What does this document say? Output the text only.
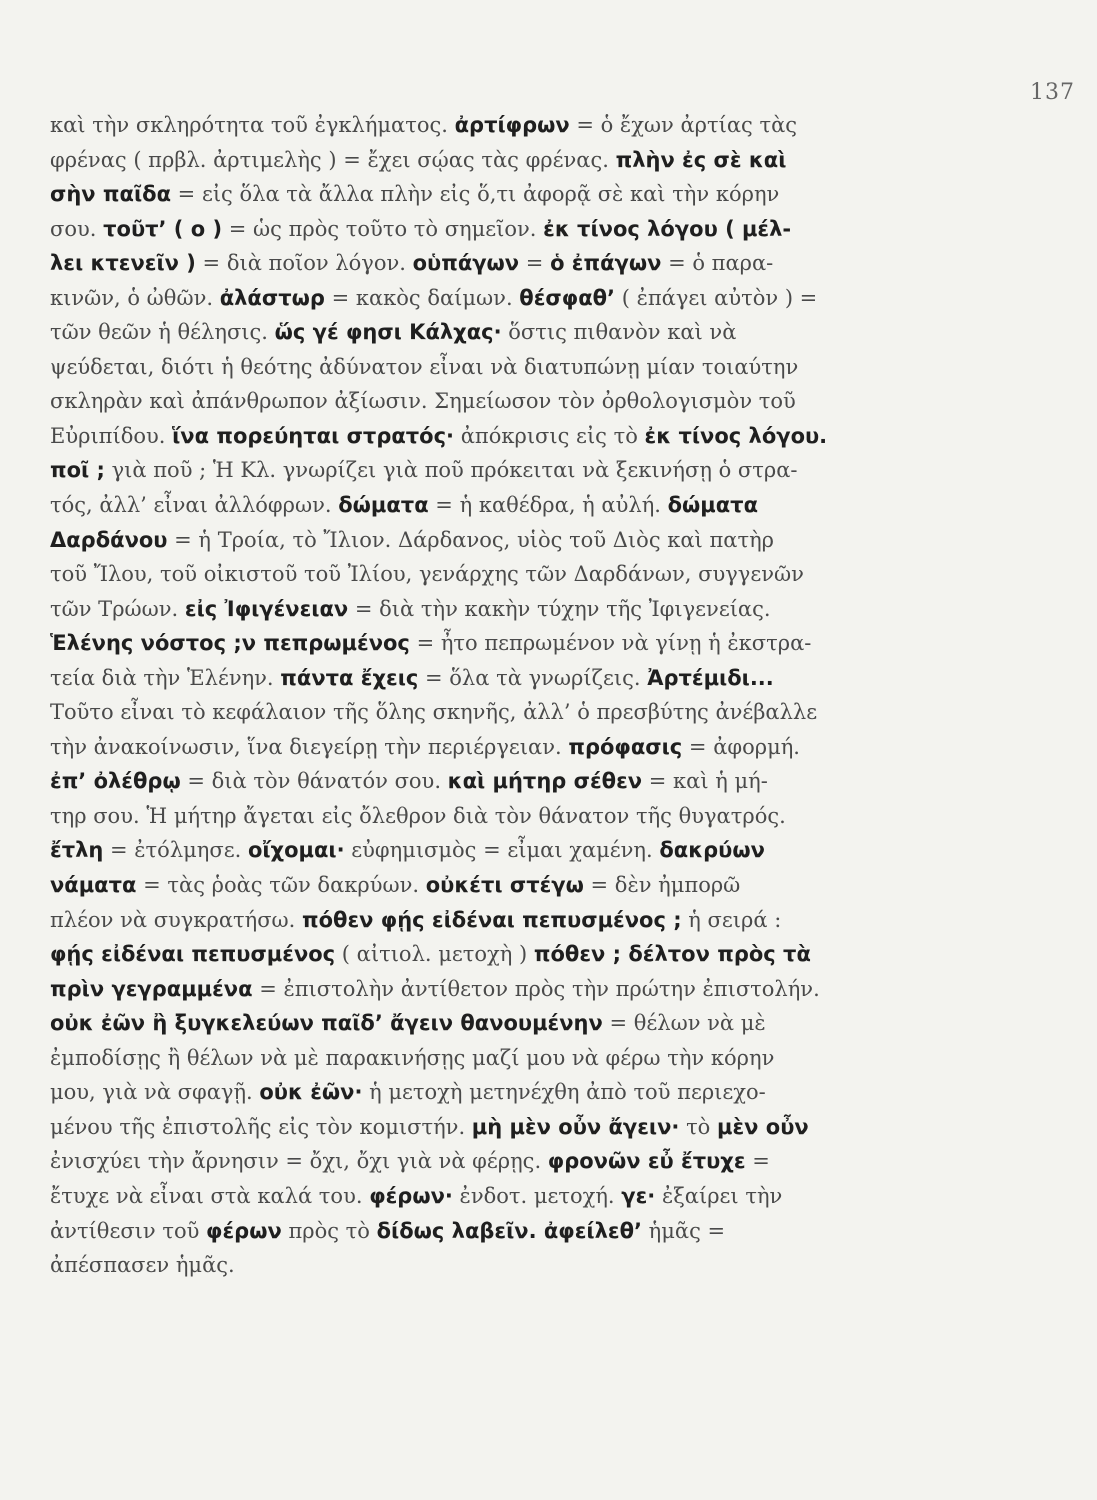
137
καὶ τὴν σκληρότητα τοῦ ἐγκλήματος. ἀρτίφρων = ὁ ἔχων ἀρτίας τὰς
φρένας ( πρβλ. ἀρτιμελὴς ) = ἔχει σῴας τὰς φρένας. πλὴν ἐς σὲ καὶ
σὴν παῖδα = εἰς ὅλα τὰ ἄλλα πλὴν εἰς ὅ,τι ἀφορᾷ σὲ καὶ τὴν κόρην
σου. τοῦτ’ ( ο ) = ὡς πρὸς τοῦτο τὸ σημεῖον. ἐκ τίνος λόγου ( μέλ-
λει κτενεῖν ) = διὰ ποῖον λόγον. οὑπάγων = ὁ ἐπάγων = ὁ παρα-
κινῶν, ὁ ὠθῶν. ἀλάστωρ = κακὸς δαίμων. θέσφαθ’ ( ἐπάγει αὐτὸν ) =
τῶν θεῶν ἡ θέλησις. ὥς γέ φησι Κάλχας· ὅστις πιθανὸν καὶ νὰ
ψεύδεται, διότι ἡ θεότης ἀδύνατον εἶναι νὰ διατυπώνῃ μίαν τοιαύτην
σκληρὰν καὶ ἀπάνθρωπον ἀξίωσιν. Σημείωσον τὸν ὀρθολογισμὸν τοῦ
Εὐριπίδου. ἵνα πορεύηται στρατός· ἀπόκρισις εἰς τὸ ἐκ τίνος λόγου.
ποῖ ; γιὰ ποῦ ; Ἡ Κλ. γνωρίζει γιὰ ποῦ πρόκειται νὰ ξεκινήσῃ ὁ στρα-
τός, ἀλλ’ εἶναι ἀλλόφρων. δώματα = ἡ καθέδρα, ἡ αὐλή. δώματα
Δαρδάνου = ἡ Τροία, τὸ Ἴλιον. Δάρδανος, υἱὸς τοῦ Διὸς καὶ πατὴρ
τοῦ Ἴλου, τοῦ οἰκιστοῦ τοῦ Ἰλίου, γενάρχης τῶν Δαρδάνων, συγγενῶν
τῶν Τρώων. εἰς Ἰφιγένειαν = διὰ τὴν κακὴν τύχην τῆς Ἰφιγενείας.
Ἑλένης νόστος ;ν πεπρωμένος = ἦτο πεπρωμένον νὰ γίνῃ ἡ ἐκστρα-
τεία διὰ τὴν Ἑλένην. πάντα ἔχεις = ὅλα τὰ γνωρίζεις. Ἀρτέμιδι...
Τοῦτο εἶναι τὸ κεφάλαιον τῆς ὅλης σκηνῆς, ἀλλ’ ὁ πρεσβύτης ἀνέβαλλε
τὴν ἀνακοίνωσιν, ἵνα διεγείρῃ τὴν περιέργειαν. πρόφασις = ἀφορμή.
ἐπ’ ὀλέθρῳ = διὰ τὸν θάνατόν σου. καὶ μήτηρ σέθεν = καὶ ἡ μή-
τηρ σου. Ἡ μήτηρ ἄγεται εἰς ὄλεθρον διὰ τὸν θάνατον τῆς θυγατρός.
ἔτλη = ἐτόλμησε. οἴχομαι· εὐφημισμὸς = εἶμαι χαμένη. δακρύων
νάματα = τὰς ῥοὰς τῶν δακρύων. οὐκέτι στέγω = δὲν ἠμπορῶ
πλέον νὰ συγκρατήσω. πόθεν φῄς εἰδέναι πεπυσμένος ; ἡ σειρά :
φῄς εἰδέναι πεπυσμένος ( αἰτιολ. μετοχὴ ) πόθεν ; δέλτον πρὸς τὰ
πρὶν γεγραμμένα = ἐπιστολὴν ἀντίθετον πρὸς τὴν πρώτην ἐπιστολήν.
οὐκ ἐῶν ἢ ξυγκελεύων παῖδ’ ἄγειν θανουμένην = θέλων νὰ μὲ
ἐμποδίσῃς ἢ θέλων νὰ μὲ παρακινήσῃς μαζί μου νὰ φέρω τὴν κόρην
μου, γιὰ νὰ σφαγῇ. οὐκ ἐῶν· ἡ μετοχὴ μετηνέχθη ἀπὸ τοῦ περιεχο-
μένου τῆς ἐπιστολῆς εἰς τὸν κομιστήν. μὴ μὲν οὖν ἄγειν· τὸ μὲν οὖν
ἐνισχύει τὴν ἄρνησιν = ὄχι, ὄχι γιὰ νὰ φέρῃς. φρονῶν εὖ ἔτυχε =
ἔτυχε νὰ εἶναι στὰ καλά του. φέρων· ἐνδοτ. μετοχή. γε· ἐξαίρει τὴν
ἀντίθεσιν τοῦ φέρων πρὸς τὸ δίδως λαβεῖν. ἀφείλεθ’ ἡμᾶς =
ἀπέσπασεν ἡμᾶς.
